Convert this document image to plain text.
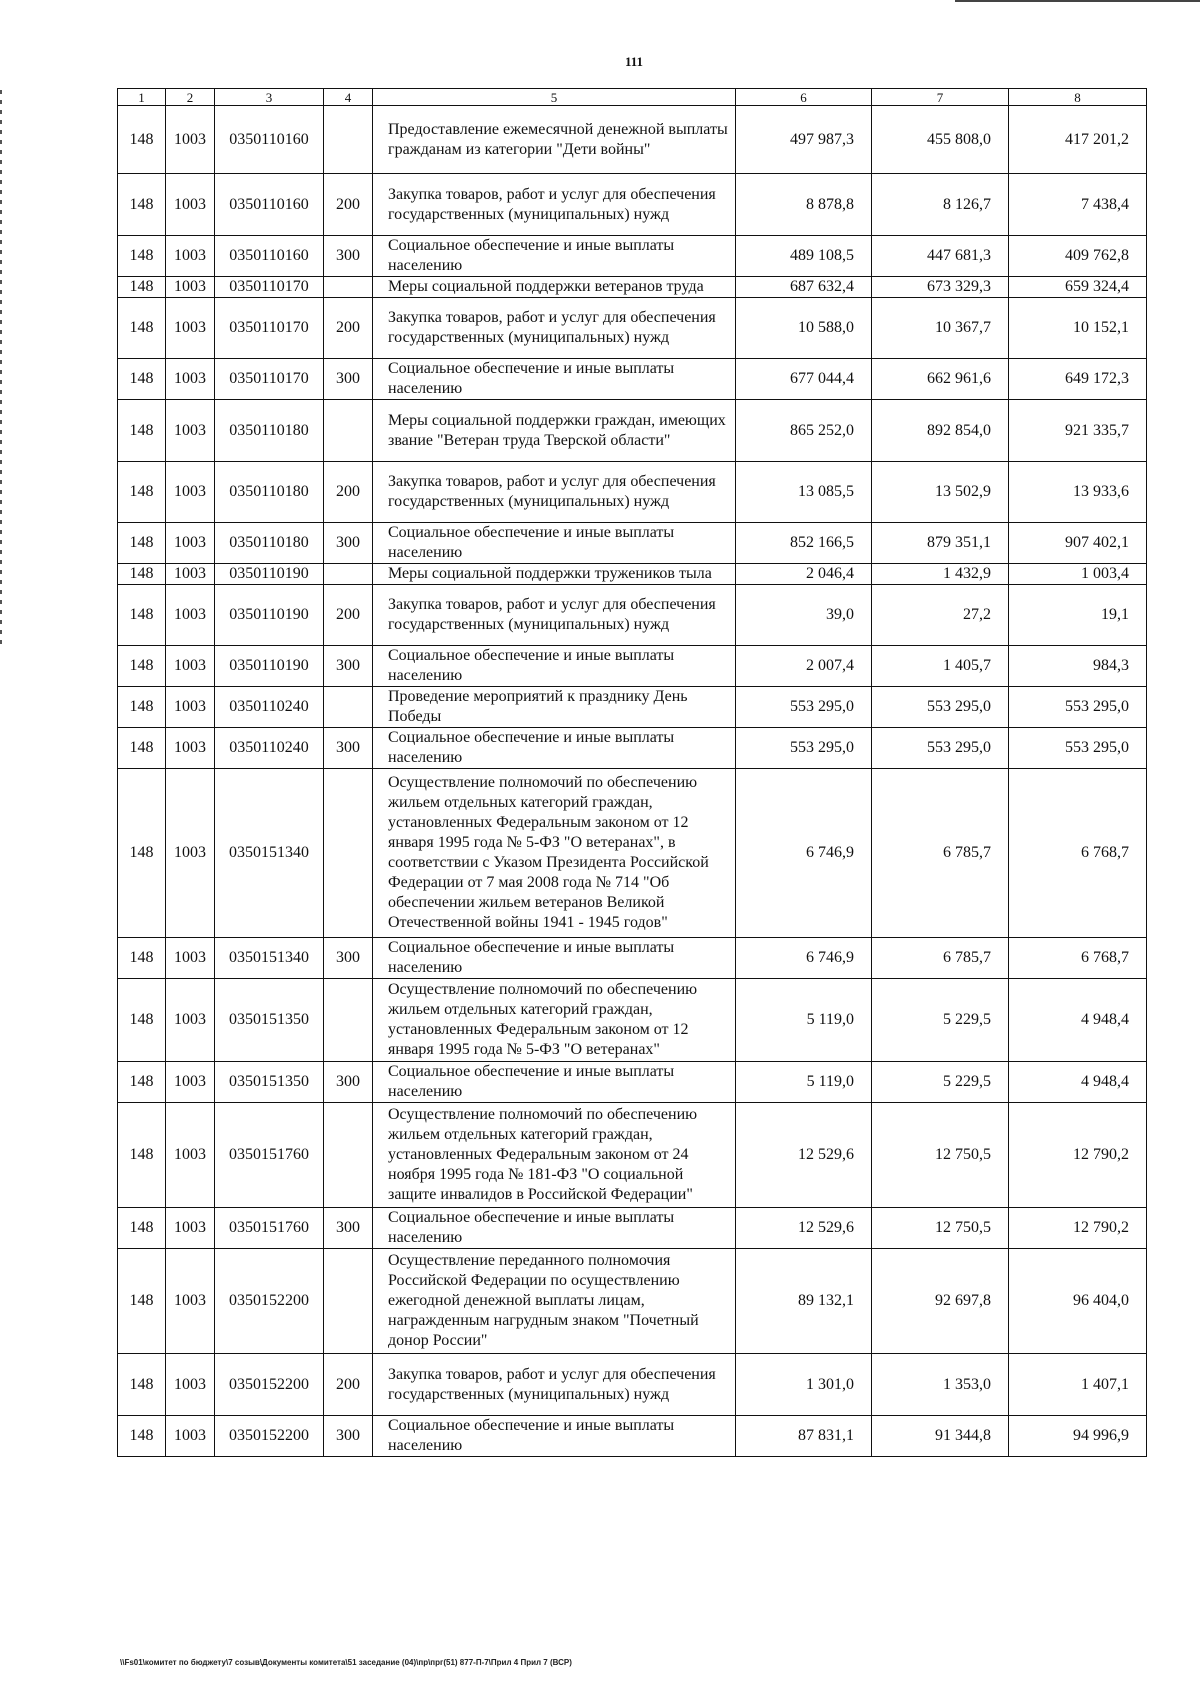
111
1	2	3	4	5	6	7	8
148	1003	0350110160		Предоставление ежемесячной денежной выплаты гражданам из категории "Дети войны"	497 987,3	455 808,0	417 201,2
148	1003	0350110160	200	Закупка товаров, работ и услуг для обеспечения государственных (муниципальных) нужд	8 878,8	8 126,7	7 438,4
148	1003	0350110160	300	Социальное обеспечение и иные выплаты населению	489 108,5	447 681,3	409 762,8
148	1003	0350110170		Меры социальной поддержки ветеранов труда	687 632,4	673 329,3	659 324,4
148	1003	0350110170	200	Закупка товаров, работ и услуг для обеспечения государственных (муниципальных) нужд	10 588,0	10 367,7	10 152,1
148	1003	0350110170	300	Социальное обеспечение и иные выплаты населению	677 044,4	662 961,6	649 172,3
148	1003	0350110180		Меры социальной поддержки граждан, имеющих звание "Ветеран труда Тверской области"	865 252,0	892 854,0	921 335,7
148	1003	0350110180	200	Закупка товаров, работ и услуг для обеспечения государственных (муниципальных) нужд	13 085,5	13 502,9	13 933,6
148	1003	0350110180	300	Социальное обеспечение и иные выплаты населению	852 166,5	879 351,1	907 402,1
148	1003	0350110190		Меры социальной поддержки тружеников тыла	2 046,4	1 432,9	1 003,4
148	1003	0350110190	200	Закупка товаров, работ и услуг для обеспечения государственных (муниципальных) нужд	39,0	27,2	19,1
148	1003	0350110190	300	Социальное обеспечение и иные выплаты населению	2 007,4	1 405,7	984,3
148	1003	0350110240		Проведение мероприятий к празднику День Победы	553 295,0	553 295,0	553 295,0
148	1003	0350110240	300	Социальное обеспечение и иные выплаты населению	553 295,0	553 295,0	553 295,0
148	1003	0350151340		Осуществление полномочий по обеспечению жильем отдельных категорий граждан, установленных Федеральным законом от 12 января 1995 года № 5-ФЗ "О ветеранах", в соответствии с Указом Президента Российской Федерации от 7 мая 2008 года № 714 "Об обеспечении жильем ветеранов Великой Отечественной войны 1941 - 1945 годов"	6 746,9	6 785,7	6 768,7
148	1003	0350151340	300	Социальное обеспечение и иные выплаты населению	6 746,9	6 785,7	6 768,7
148	1003	0350151350		Осуществление полномочий по обеспечению жильем отдельных категорий граждан, установленных Федеральным законом от 12 января 1995 года № 5-ФЗ "О ветеранах"	5 119,0	5 229,5	4 948,4
148	1003	0350151350	300	Социальное обеспечение и иные выплаты населению	5 119,0	5 229,5	4 948,4
148	1003	0350151760		Осуществление полномочий по обеспечению жильем отдельных категорий граждан, установленных Федеральным законом от 24 ноября 1995 года № 181-ФЗ "О социальной защите инвалидов в Российской Федерации"	12 529,6	12 750,5	12 790,2
148	1003	0350151760	300	Социальное обеспечение и иные выплаты населению	12 529,6	12 750,5	12 790,2
148	1003	0350152200		Осуществление переданного полномочия Российской Федерации по осуществлению ежегодной денежной выплаты лицам, награжденным нагрудным знаком "Почетный донор России"	89 132,1	92 697,8	96 404,0
148	1003	0350152200	200	Закупка товаров, работ и услуг для обеспечения государственных (муниципальных) нужд	1 301,0	1 353,0	1 407,1
148	1003	0350152200	300	Социальное обеспечение и иные выплаты населению	87 831,1	91 344,8	94 996,9
\\Fs01\комитет по бюджету\7 созыв\Документы комитета\51 заседание (04)\пр\прг(51) 877-П-7\Прил 4 Прил 7 (ВСР)
